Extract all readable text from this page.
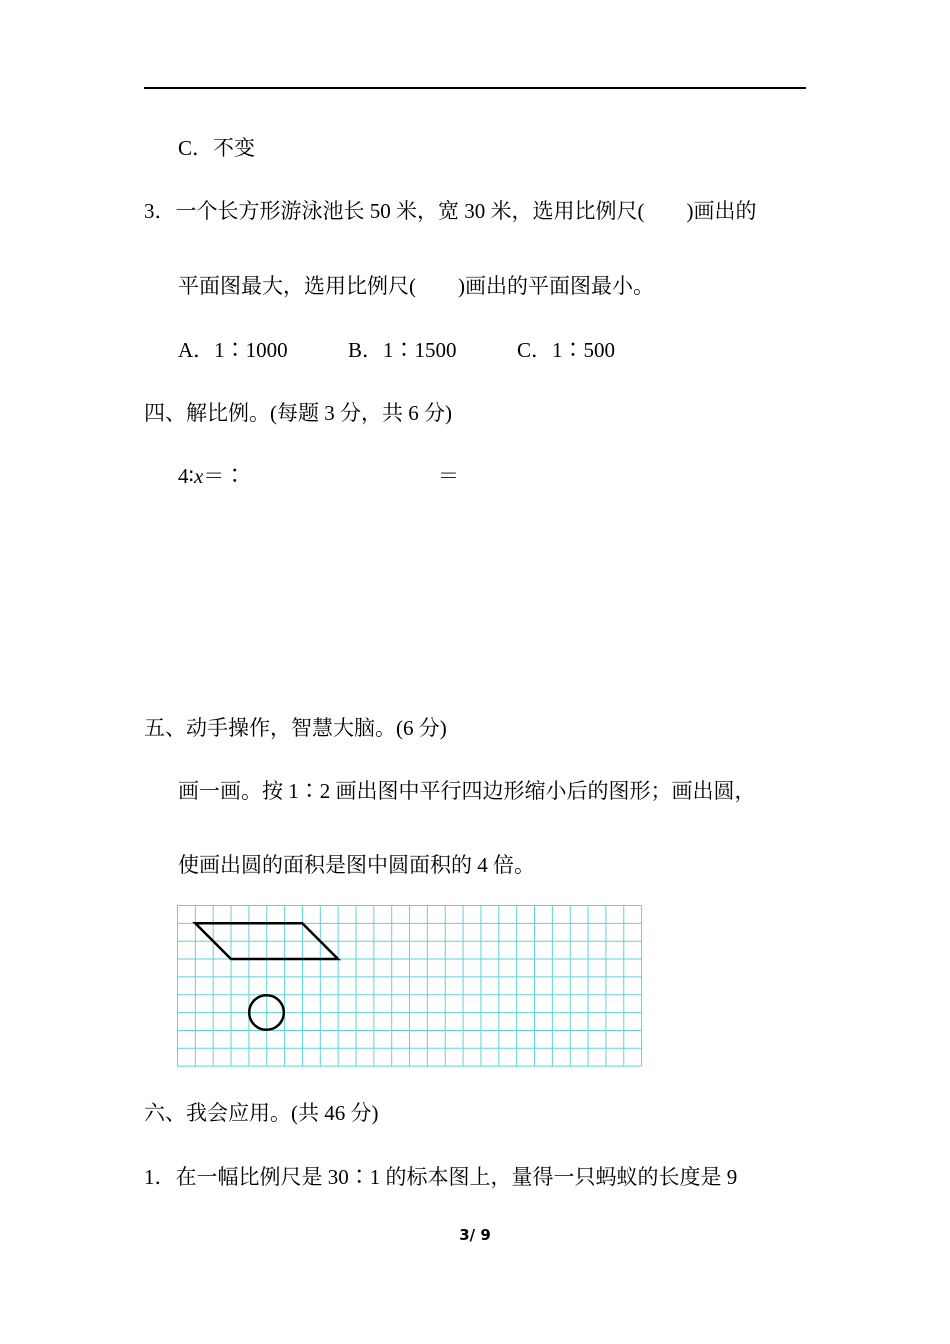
C．不变
3．一个长方形游泳池长 50 米，宽 30 米，选用比例尺(　　)画出的
平面图最大，选用比例尺(　　)画出的平面图最小。
A．1∶1000	B．1∶1500	C．1∶500
四、解比例。(每题 3 分，共 6 分)
4∶x＝∶	＝
五、动手操作，智慧大脑。(6 分)
画一画。按 1∶2 画出图中平行四边形缩小后的图形；画出圆，
使画出圆的面积是图中圆面积的 4 倍。
六、我会应用。(共 46 分)
1．在一幅比例尺是 30∶1 的标本图上，量得一只蚂蚁的长度是 9
3/ 9
